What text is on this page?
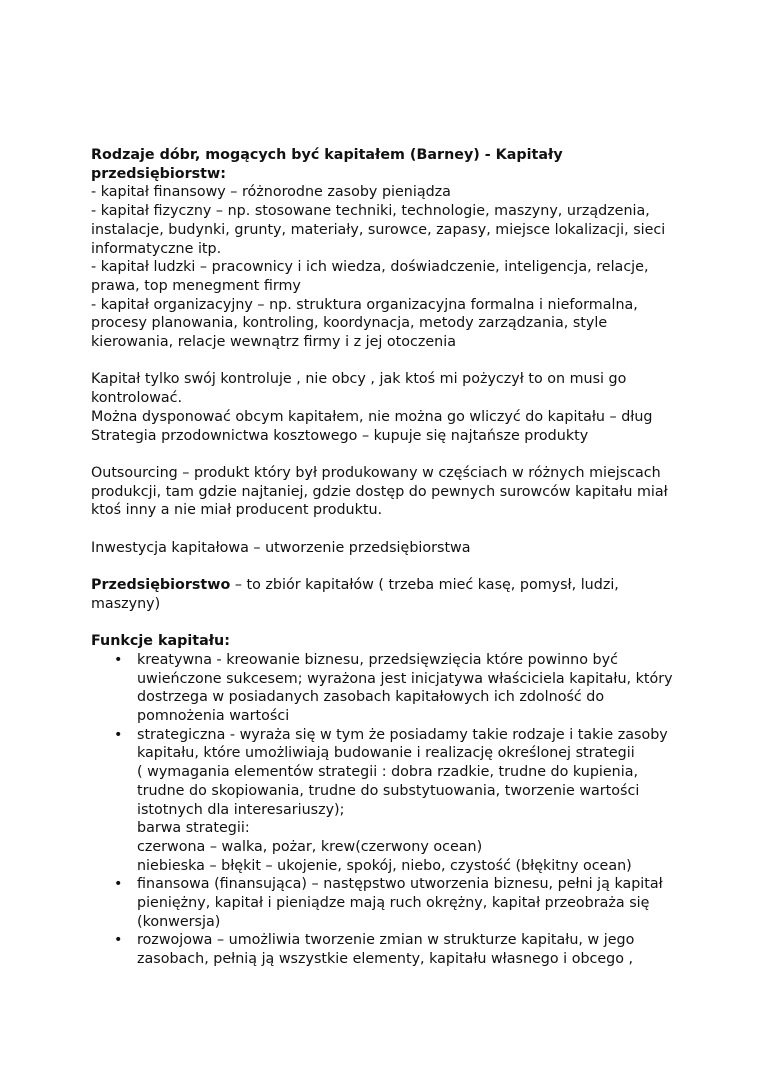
Rodzaje dóbr, mogących być kapitałem (Barney) - Kapitały
przedsiębiorstw:
- kapitał finansowy – różnorodne zasoby pieniądza
- kapitał fizyczny – np. stosowane techniki, technologie, maszyny, urządzenia,
instalacje, budynki, grunty, materiały, surowce, zapasy, miejsce lokalizacji, sieci
informatyczne itp.
- kapitał ludzki – pracownicy i ich wiedza, doświadczenie, inteligencja, relacje,
prawa, top menegment firmy
- kapitał organizacyjny – np. struktura organizacyjna formalna i nieformalna,
procesy planowania, kontroling, koordynacja, metody zarządzania, style
kierowania, relacje wewnątrz firmy i z jej otoczenia
Kapitał tylko swój kontroluje , nie obcy , jak ktoś mi pożyczył to on musi go
kontrolować.
Można dysponować obcym kapitałem, nie można go wliczyć do kapitału – dług
Strategia przodownictwa kosztowego – kupuje się najtańsze produkty
Outsourcing – produkt który był produkowany w częściach w różnych miejscach
produkcji, tam gdzie najtaniej, gdzie dostęp do pewnych surowców kapitału miał
ktoś inny a nie miał producent produktu.
Inwestycja kapitałowa – utworzenie przedsiębiorstwa
Przedsiębiorstwo – to zbiór kapitałów ( trzeba mieć kasę, pomysł, ludzi,
maszyny)
Funkcje kapitału:
• kreatywna - kreowanie biznesu, przedsięwzięcia które powinno być
uwieńczone sukcesem; wyrażona jest inicjatywa właściciela kapitału, który
dostrzega w posiadanych zasobach kapitałowych ich zdolność do
pomnożenia wartości
• strategiczna - wyraża się w tym że posiadamy takie rodzaje i takie zasoby
kapitału, które umożliwiają budowanie i realizację określonej strategii
( wymagania elementów strategii : dobra rzadkie, trudne do kupienia,
trudne do skopiowania, trudne do substytuowania, tworzenie wartości
istotnych dla interesariuszy);
barwa strategii:
czerwona – walka, pożar, krew(czerwony ocean)
niebieska – błękit – ukojenie, spokój, niebo, czystość (błękitny ocean)
• finansowa (finansująca) – następstwo utworzenia biznesu, pełni ją kapitał
pieniężny, kapitał i pieniądze mają ruch okrężny, kapitał przeobraża się
(konwersja)
• rozwojowa – umożliwia tworzenie zmian w strukturze kapitału, w jego
zasobach, pełnią ją wszystkie elementy, kapitału własnego i obcego ,
